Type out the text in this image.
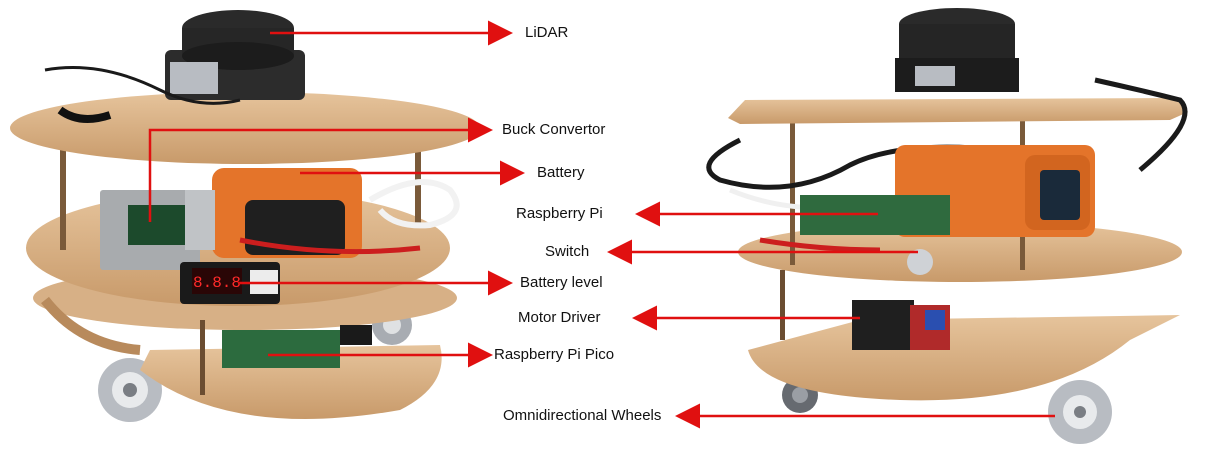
8.8.8
LiDAR
Buck Convertor
Battery
Raspberry Pi
Switch
Battery level
Motor Driver
Raspberry Pi Pico
Omnidirectional Wheels
